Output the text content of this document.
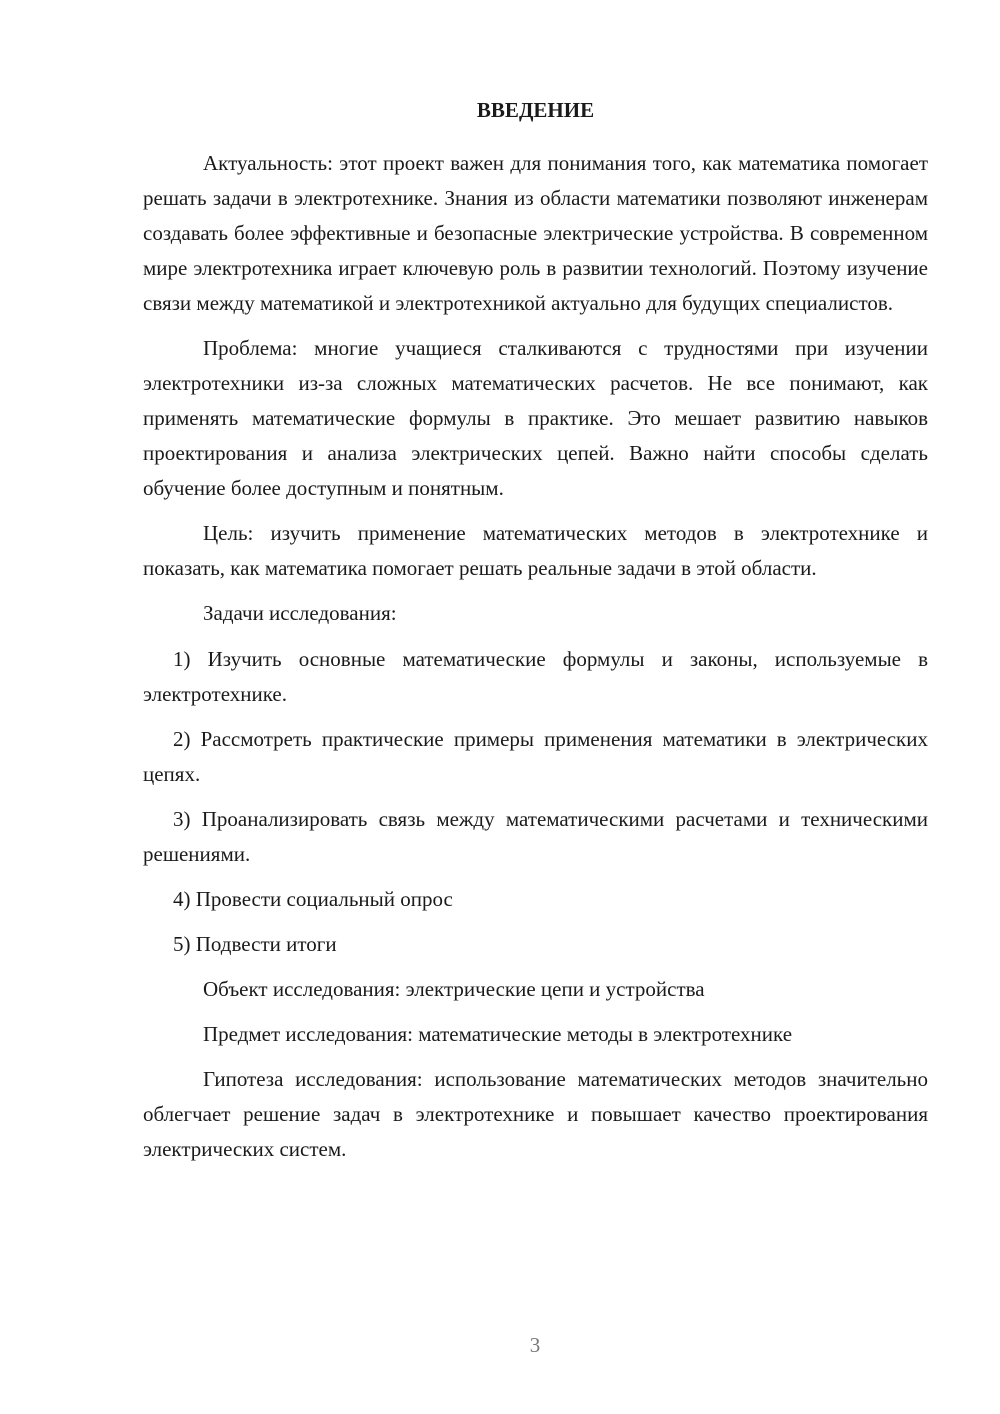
ВВЕДЕНИЕ

Актуальность: этот проект важен для понимания того, как математика помогает решать задачи в электротехнике. Знания из области математики позволяют инженерам создавать более эффективные и безопасные электрические устройства. В современном мире электротехника играет ключевую роль в развитии технологий. Поэтому изучение связи между математикой и электротехникой актуально для будущих специалистов.

Проблема: многие учащиеся сталкиваются с трудностями при изучении электротехники из-за сложных математических расчетов. Не все понимают, как применять математические формулы в практике. Это мешает развитию навыков проектирования и анализа электрических цепей. Важно найти способы сделать обучение более доступным и понятным.

Цель: изучить применение математических методов в электротехнике и показать, как математика помогает решать реальные задачи в этой области.

Задачи исследования:

1) Изучить основные математические формулы и законы, используемые в электротехнике.

2) Рассмотреть практические примеры применения математики в электрических цепях.

3) Проанализировать связь между математическими расчетами и техническими решениями.

4) Провести социальный опрос

5) Подвести итоги

Объект исследования: электрические цепи и устройства

Предмет исследования: математические методы в электротехнике

Гипотеза исследования: использование математических методов значительно облегчает решение задач в электротехнике и повышает качество проектирования электрических систем.

3
